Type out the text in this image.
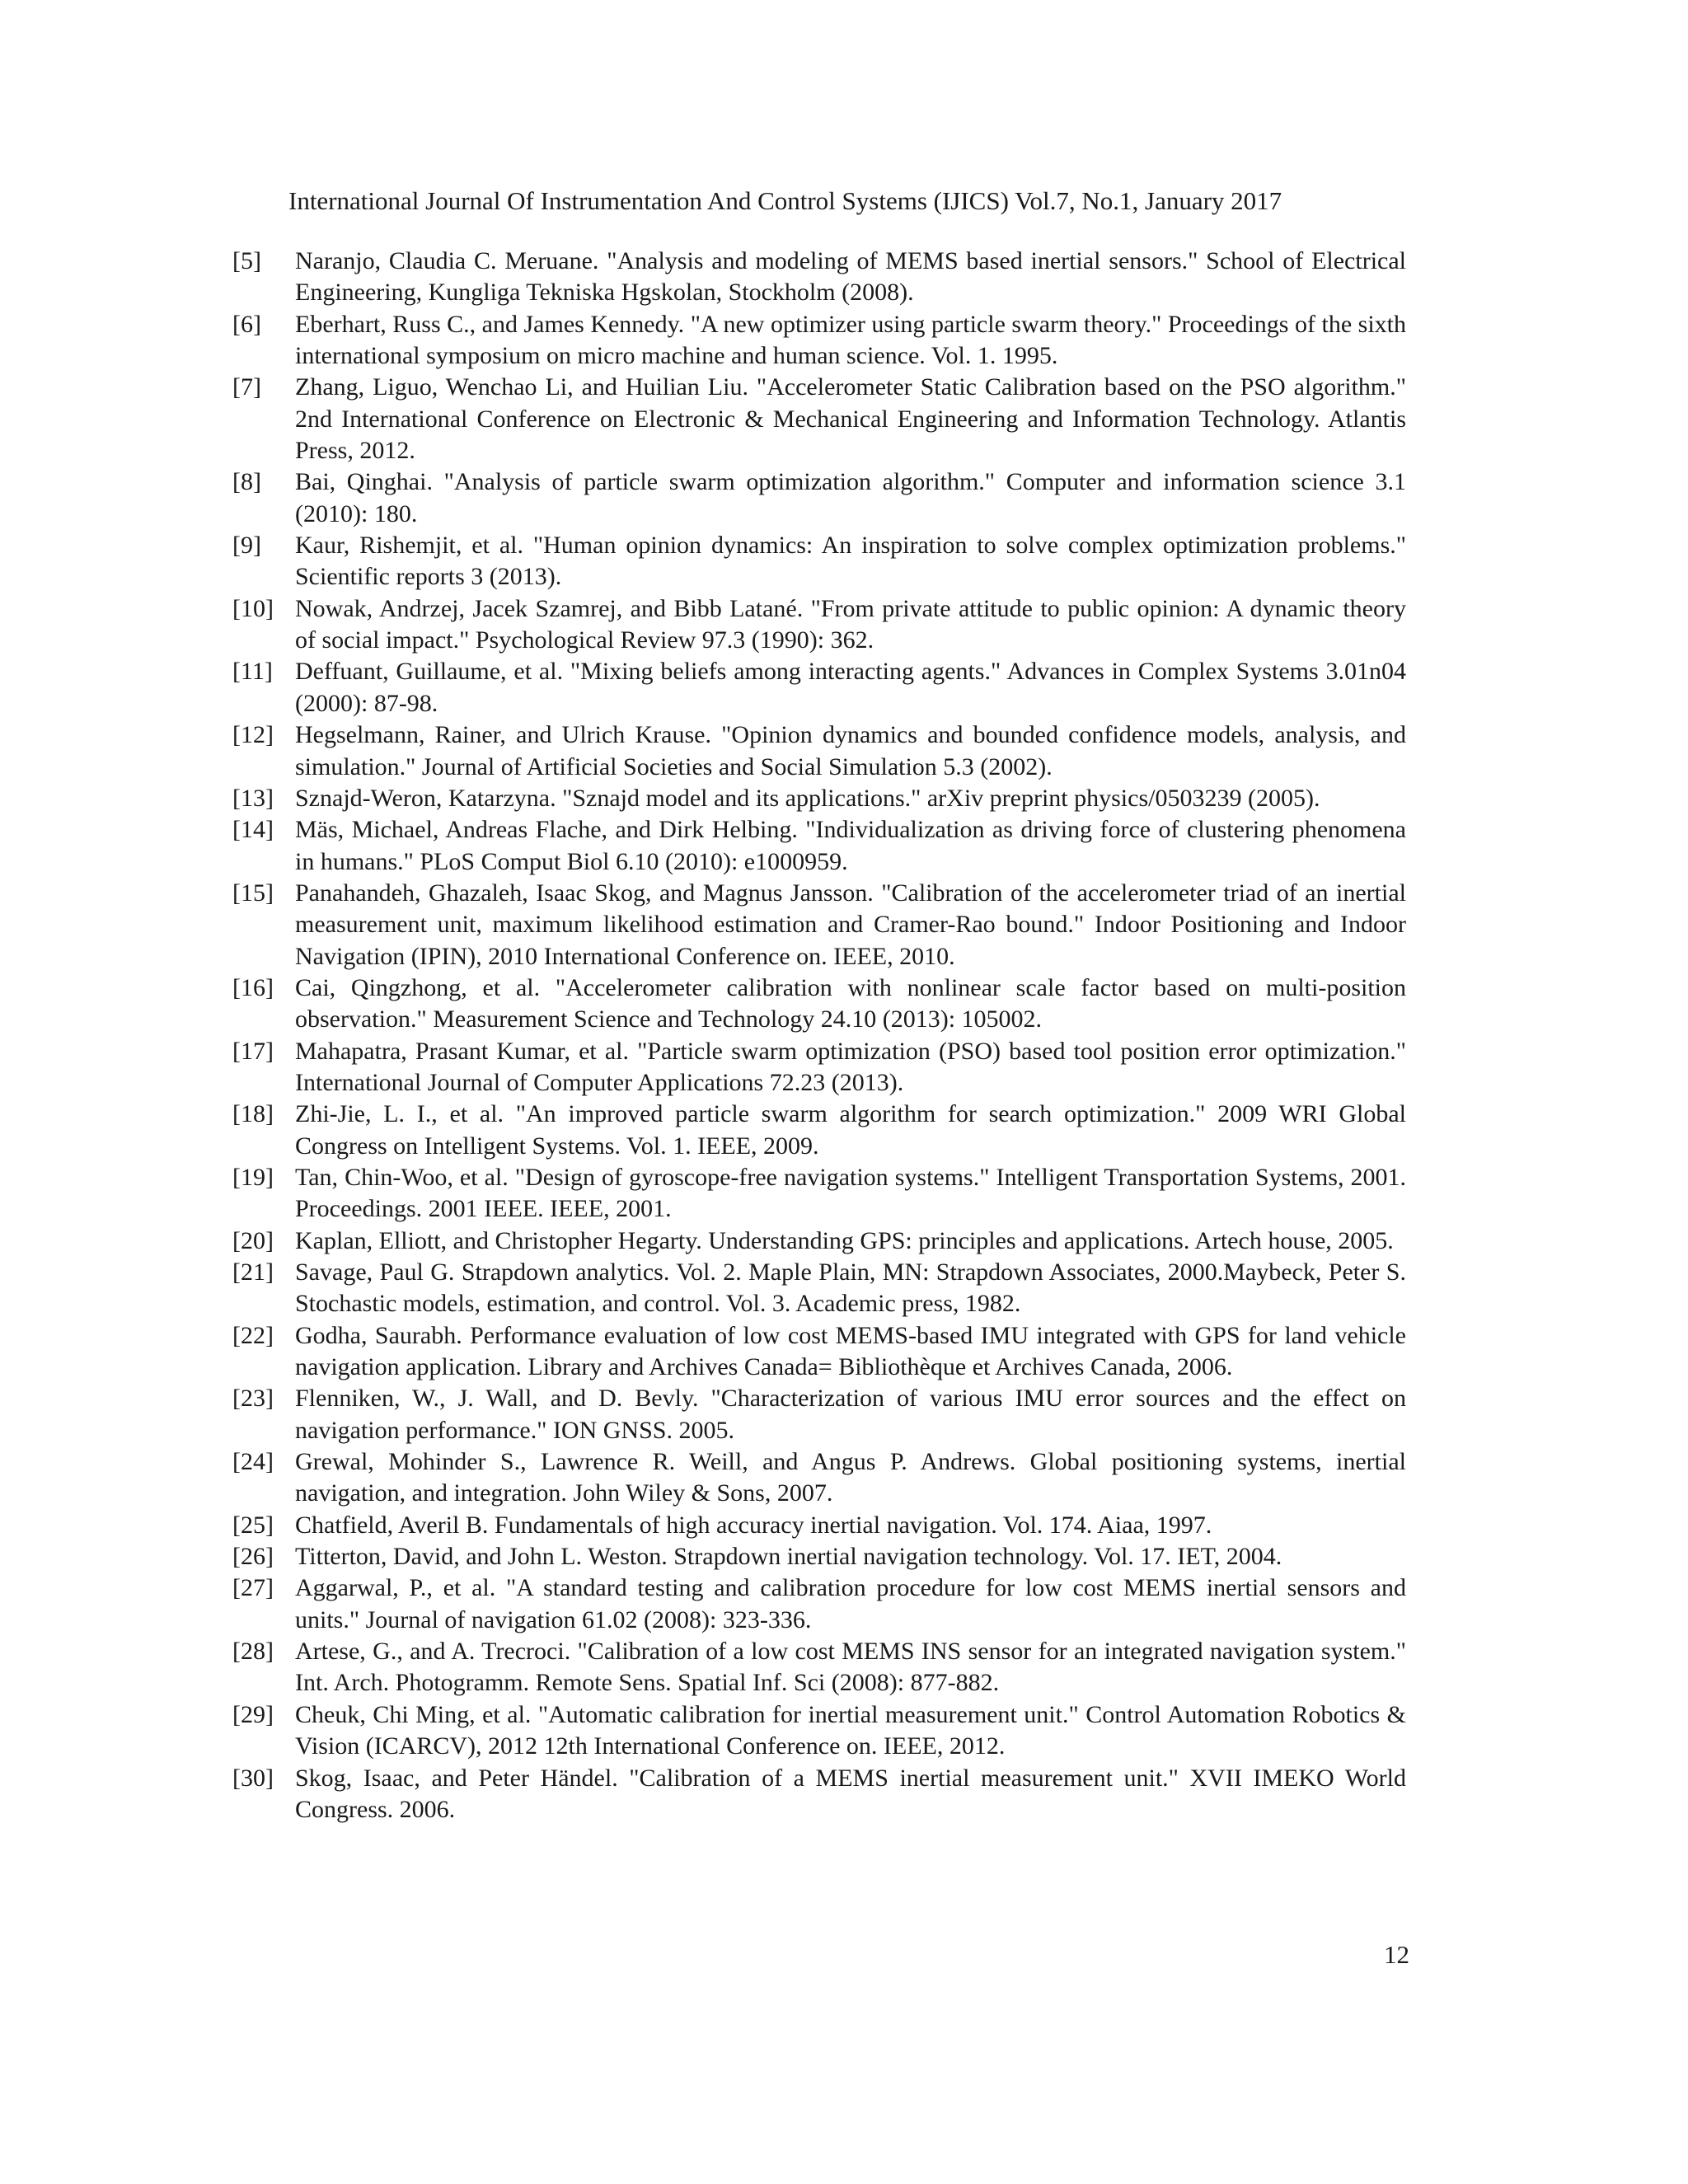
International Journal Of Instrumentation And Control Systems (IJICS) Vol.7, No.1, January 2017
[5]	Naranjo, Claudia C. Meruane. "Analysis and modeling of MEMS based inertial sensors." School of Electrical Engineering, Kungliga Tekniska Hgskolan, Stockholm (2008).
[6]	Eberhart, Russ C., and James Kennedy. "A new optimizer using particle swarm theory." Proceedings of the sixth international symposium on micro machine and human science. Vol. 1. 1995.
[7]	Zhang, Liguo, Wenchao Li, and Huilian Liu. "Accelerometer Static Calibration based on the PSO algorithm." 2nd International Conference on Electronic & Mechanical Engineering and Information Technology. Atlantis Press, 2012.
[8]	Bai, Qinghai. "Analysis of particle swarm optimization algorithm." Computer and information science 3.1 (2010): 180.
[9]	Kaur, Rishemjit, et al. "Human opinion dynamics: An inspiration to solve complex optimization problems." Scientific reports 3 (2013).
[10] Nowak, Andrzej, Jacek Szamrej, and Bibb Latané. "From private attitude to public opinion: A dynamic theory of social impact." Psychological Review 97.3 (1990): 362.
[11] Deffuant, Guillaume, et al. "Mixing beliefs among interacting agents." Advances in Complex Systems 3.01n04 (2000): 87-98.
[12] Hegselmann, Rainer, and Ulrich Krause. "Opinion dynamics and bounded confidence models, analysis, and simulation." Journal of Artificial Societies and Social Simulation 5.3 (2002).
[13] Sznajd-Weron, Katarzyna. "Sznajd model and its applications." arXiv preprint physics/0503239 (2005).
[14] Mäs, Michael, Andreas Flache, and Dirk Helbing. "Individualization as driving force of clustering phenomena in humans." PLoS Comput Biol 6.10 (2010): e1000959.
[15] Panahandeh, Ghazaleh, Isaac Skog, and Magnus Jansson. "Calibration of the accelerometer triad of an inertial measurement unit, maximum likelihood estimation and Cramer-Rao bound." Indoor Positioning and Indoor Navigation (IPIN), 2010 International Conference on. IEEE, 2010.
[16] Cai, Qingzhong, et al. "Accelerometer calibration with nonlinear scale factor based on multi-position observation." Measurement Science and Technology 24.10 (2013): 105002.
[17] Mahapatra, Prasant Kumar, et al. "Particle swarm optimization (PSO) based tool position error optimization." International Journal of Computer Applications 72.23 (2013).
[18] Zhi-Jie, L. I., et al. "An improved particle swarm algorithm for search optimization." 2009 WRI Global Congress on Intelligent Systems. Vol. 1. IEEE, 2009.
[19] Tan, Chin-Woo, et al. "Design of gyroscope-free navigation systems." Intelligent Transportation Systems, 2001. Proceedings. 2001 IEEE. IEEE, 2001.
[20] Kaplan, Elliott, and Christopher Hegarty. Understanding GPS: principles and applications. Artech house, 2005.
[21] Savage, Paul G. Strapdown analytics. Vol. 2. Maple Plain, MN: Strapdown Associates, 2000.Maybeck, Peter S. Stochastic models, estimation, and control. Vol. 3. Academic press, 1982.
[22] Godha, Saurabh. Performance evaluation of low cost MEMS-based IMU integrated with GPS for land vehicle navigation application. Library and Archives Canada= Bibliothèque et Archives Canada, 2006.
[23] Flenniken, W., J. Wall, and D. Bevly. "Characterization of various IMU error sources and the effect on navigation performance." ION GNSS. 2005.
[24] Grewal, Mohinder S., Lawrence R. Weill, and Angus P. Andrews. Global positioning systems, inertial navigation, and integration. John Wiley & Sons, 2007.
[25] Chatfield, Averil B. Fundamentals of high accuracy inertial navigation. Vol. 174. Aiaa, 1997.
[26] Titterton, David, and John L. Weston. Strapdown inertial navigation technology. Vol. 17. IET, 2004.
[27] Aggarwal, P., et al. "A standard testing and calibration procedure for low cost MEMS inertial sensors and units." Journal of navigation 61.02 (2008): 323-336.
[28] Artese, G., and A. Trecroci. "Calibration of a low cost MEMS INS sensor for an integrated navigation system." Int. Arch. Photogramm. Remote Sens. Spatial Inf. Sci (2008): 877-882.
[29] Cheuk, Chi Ming, et al. "Automatic calibration for inertial measurement unit." Control Automation Robotics & Vision (ICARCV), 2012 12th International Conference on. IEEE, 2012.
[30] Skog, Isaac, and Peter Händel. "Calibration of a MEMS inertial measurement unit." XVII IMEKO World Congress. 2006.
12
